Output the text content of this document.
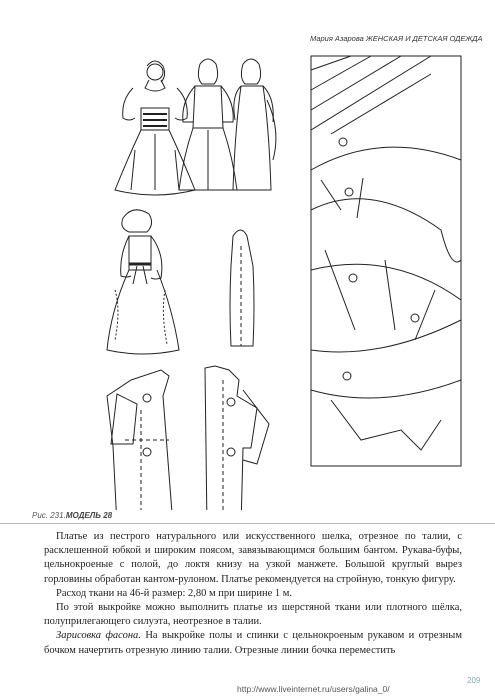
Мария Азарова ЖЕНСКАЯ И ДЕТСКАЯ ОДЕЖДА
Рис. 231.МОДЕЛЬ 28

Платье из пестрого натурального или искусственного шелка, отрезное по талии, с расклешенной юбкой и широким поясом, завязывающимся большим бантом. Рукава-буфы, цельнокроеные с полой, до локтя книзу на узкой манжете. Большой круглый вырез горловины обработан кантом-рулоном. Платье рекомендуется на стройную, тонкую фигуру.

Расход ткани на 46-й размер: 2,80 м при ширине 1 м.

По этой выкройке можно выполнить платье из шерстяной ткани или плотного шёлка, полуприлегающего силуэта, неотрезное в талии.

Зарисовка фасона. На выкройке полы и спинки с цельнокроеным рукавом и отрезным бочком начертить отрезную линию талии. Отрезные линии бочка переместить

209
http://www.liveinternet.ru/users/galina_0/
